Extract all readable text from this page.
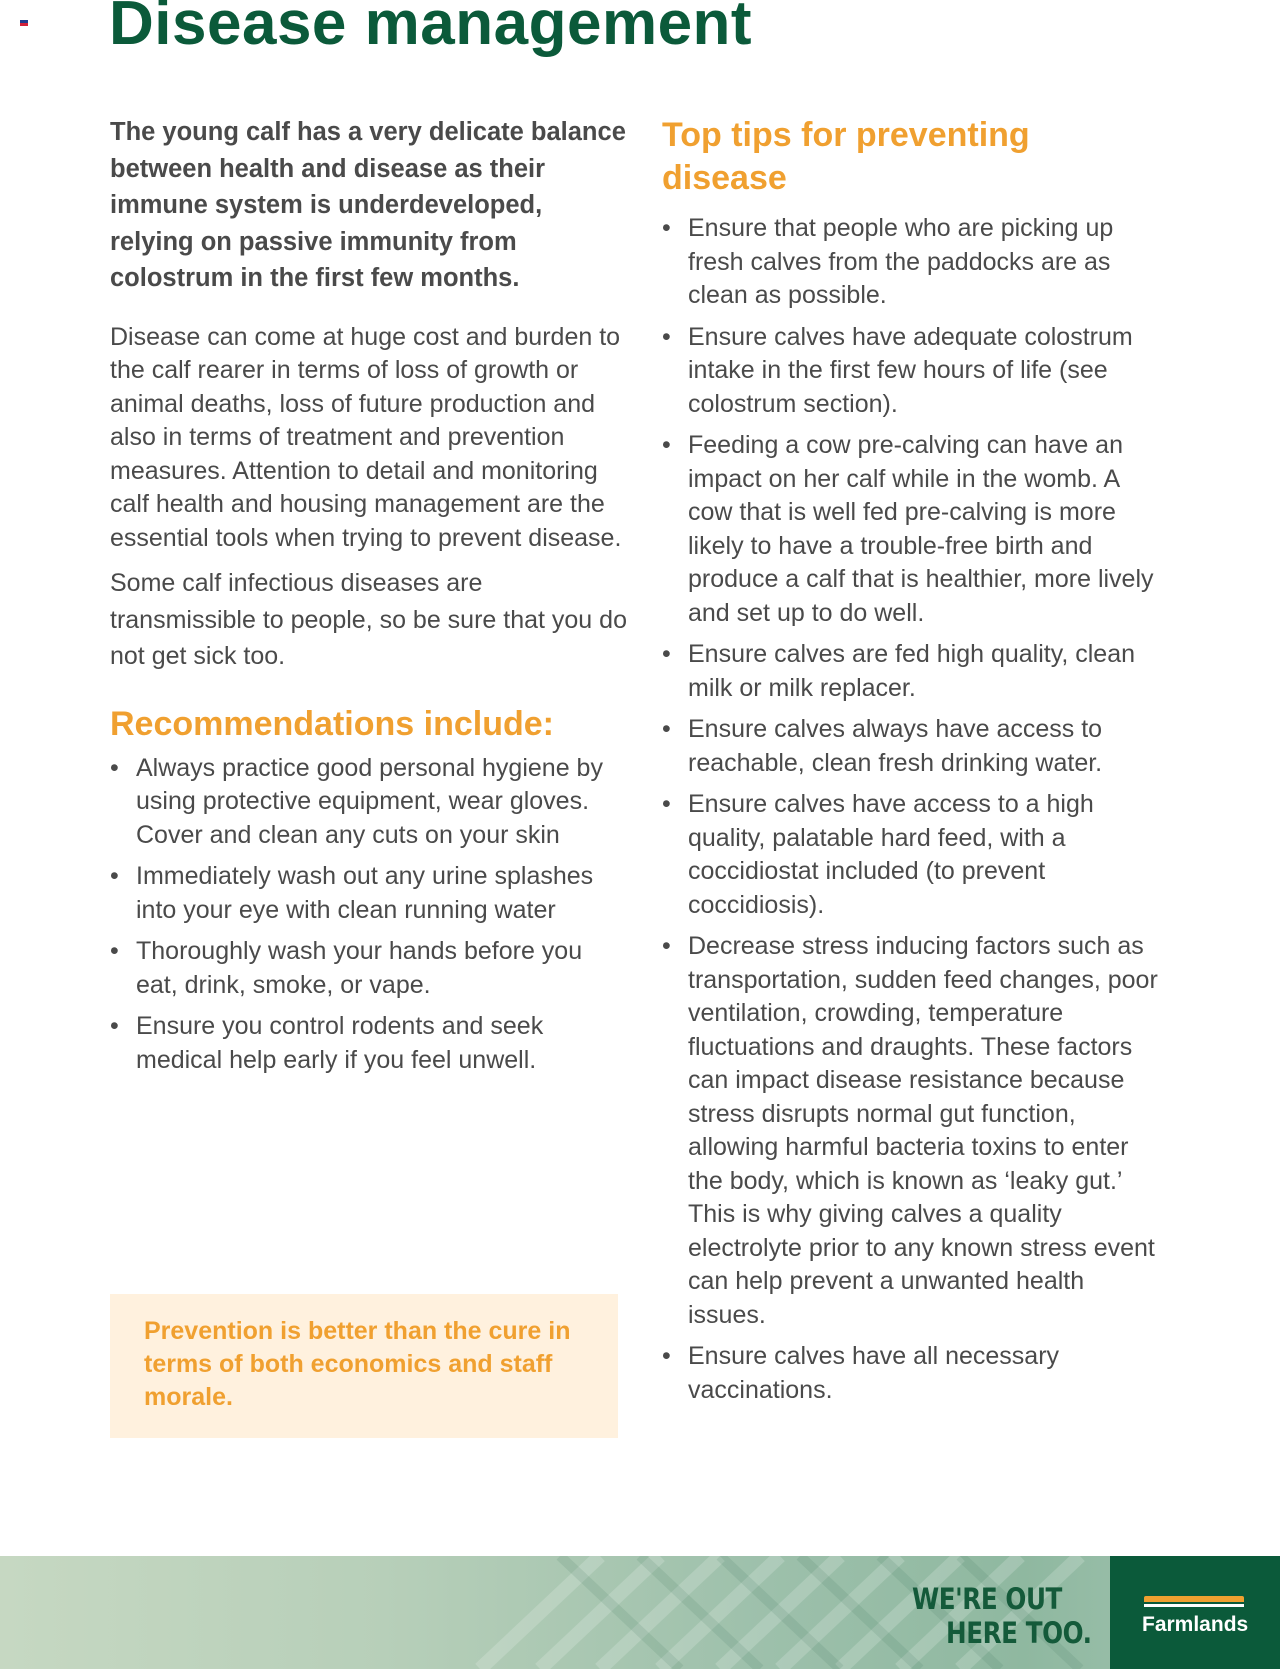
Disease management

The young calf has a very delicate balance between health and disease as their immune system is underdeveloped, relying on passive immunity from colostrum in the first few months.

Disease can come at huge cost and burden to the calf rearer in terms of loss of growth or animal deaths, loss of future production and also in terms of treatment and prevention measures. Attention to detail and monitoring calf health and housing management are the essential tools when trying to prevent disease.

Some calf infectious diseases are transmissible to people, so be sure that you do not get sick too.

Recommendations include:
• Always practice good personal hygiene by using protective equipment, wear gloves. Cover and clean any cuts on your skin
• Immediately wash out any urine splashes into your eye with clean running water
• Thoroughly wash your hands before you eat, drink, smoke, or vape.
• Ensure you control rodents and seek medical help early if you feel unwell.

Prevention is better than the cure in terms of both economics and staff morale.

Top tips for preventing disease
• Ensure that people who are picking up fresh calves from the paddocks are as clean as possible.
• Ensure calves have adequate colostrum intake in the first few hours of life (see colostrum section).
• Feeding a cow pre-calving can have an impact on her calf while in the womb. A cow that is well fed pre-calving is more likely to have a trouble-free birth and produce a calf that is healthier, more lively and set up to do well.
• Ensure calves are fed high quality, clean milk or milk replacer.
• Ensure calves always have access to reachable, clean fresh drinking water.
• Ensure calves have access to a high quality, palatable hard feed, with a coccidiostat included (to prevent coccidiosis).
• Decrease stress inducing factors such as transportation, sudden feed changes, poor ventilation, crowding, temperature fluctuations and draughts. These factors can impact disease resistance because stress disrupts normal gut function, allowing harmful bacteria toxins to enter the body, which is known as ‘leaky gut.’ This is why giving calves a quality electrolyte prior to any known stress event can help prevent a unwanted health issues.
• Ensure calves have all necessary vaccinations.
WE'RE OUT
HERE TOO. Farmlands
